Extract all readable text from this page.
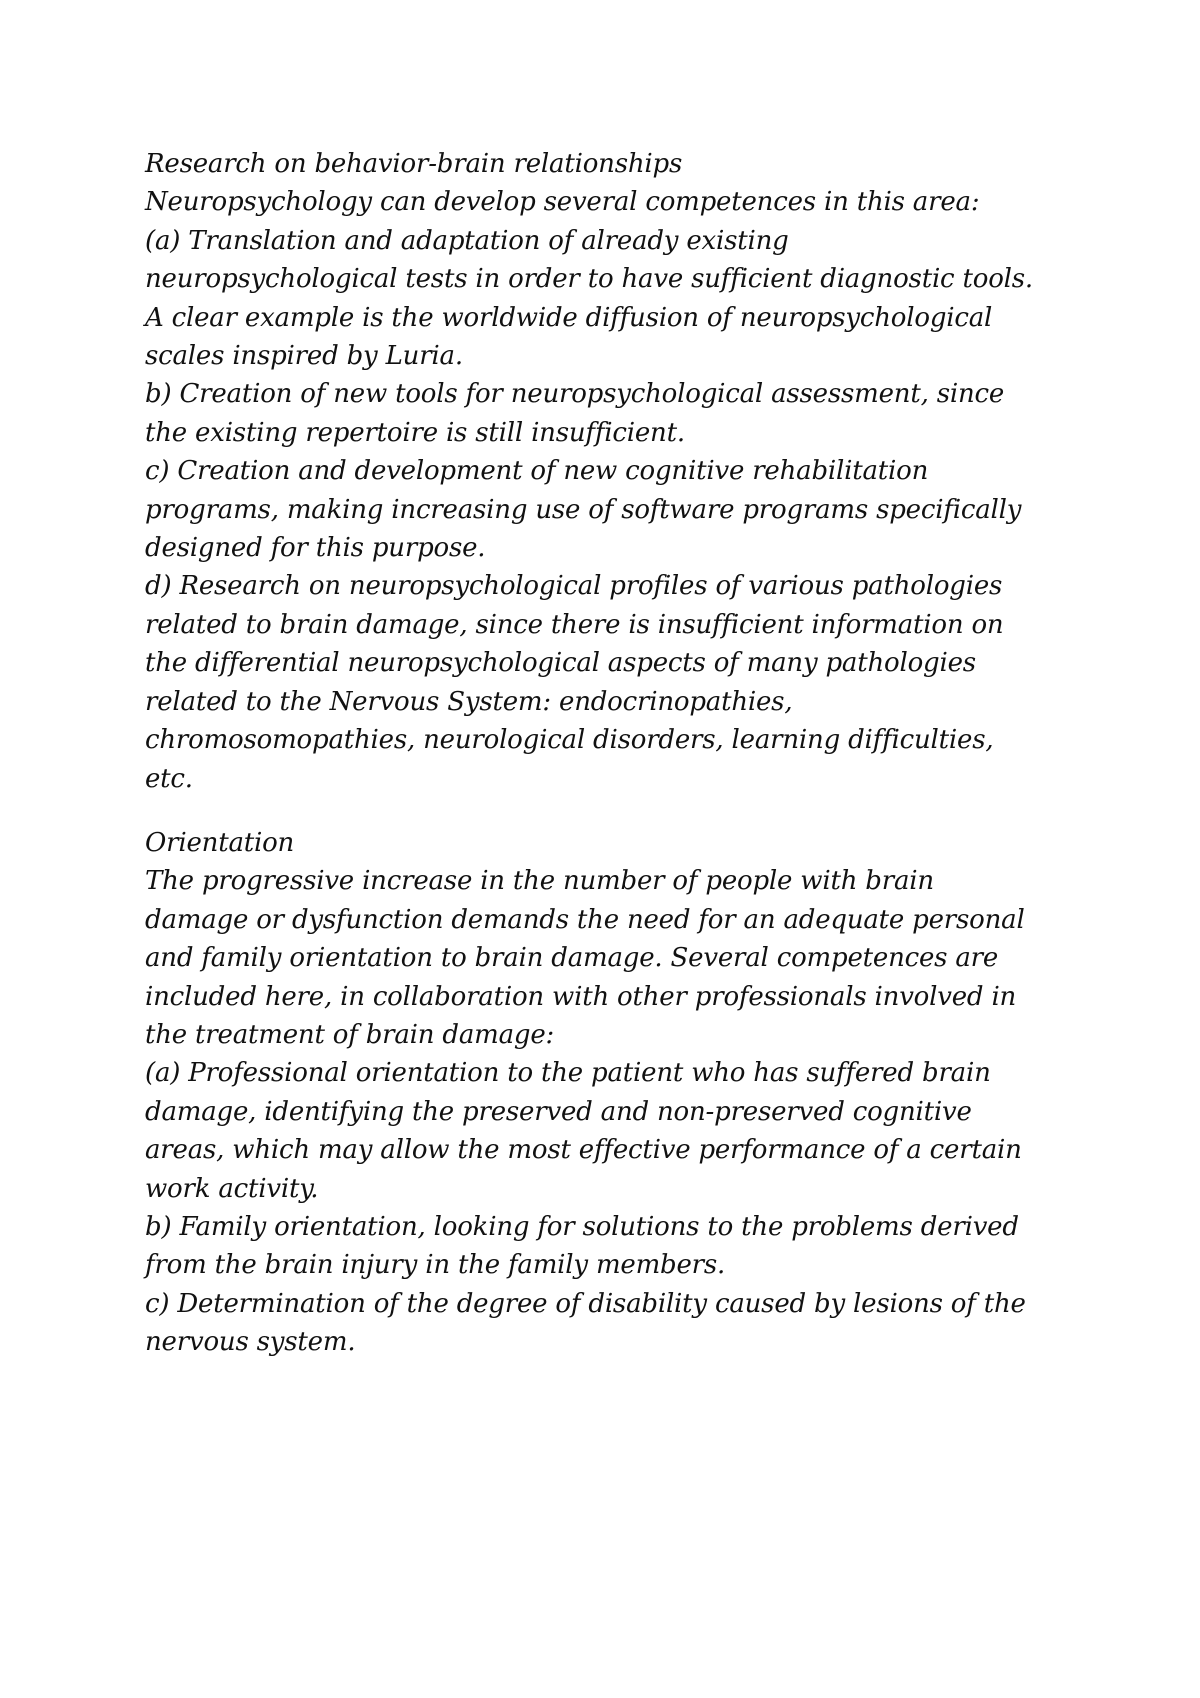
Research on behavior-brain relationships
Neuropsychology can develop several competences in this area:
(a) Translation and adaptation of already existing
neuropsychological tests in order to have sufficient diagnostic tools.
A clear example is the worldwide diffusion of neuropsychological
scales inspired by Luria.
b) Creation of new tools for neuropsychological assessment, since
the existing repertoire is still insufficient.
c) Creation and development of new cognitive rehabilitation
programs, making increasing use of software programs specifically
designed for this purpose.
d) Research on neuropsychological profiles of various pathologies
related to brain damage, since there is insufficient information on
the differential neuropsychological aspects of many pathologies
related to the Nervous System: endocrinopathies,
chromosomopathies, neurological disorders, learning difficulties,
etc.
Orientation
The progressive increase in the number of people with brain
damage or dysfunction demands the need for an adequate personal
and family orientation to brain damage. Several competences are
included here, in collaboration with other professionals involved in
the treatment of brain damage:
(a) Professional orientation to the patient who has suffered brain
damage, identifying the preserved and non-preserved cognitive
areas, which may allow the most effective performance of a certain
work activity.
b) Family orientation, looking for solutions to the problems derived
from the brain injury in the family members.
c) Determination of the degree of disability caused by lesions of the
nervous system.
